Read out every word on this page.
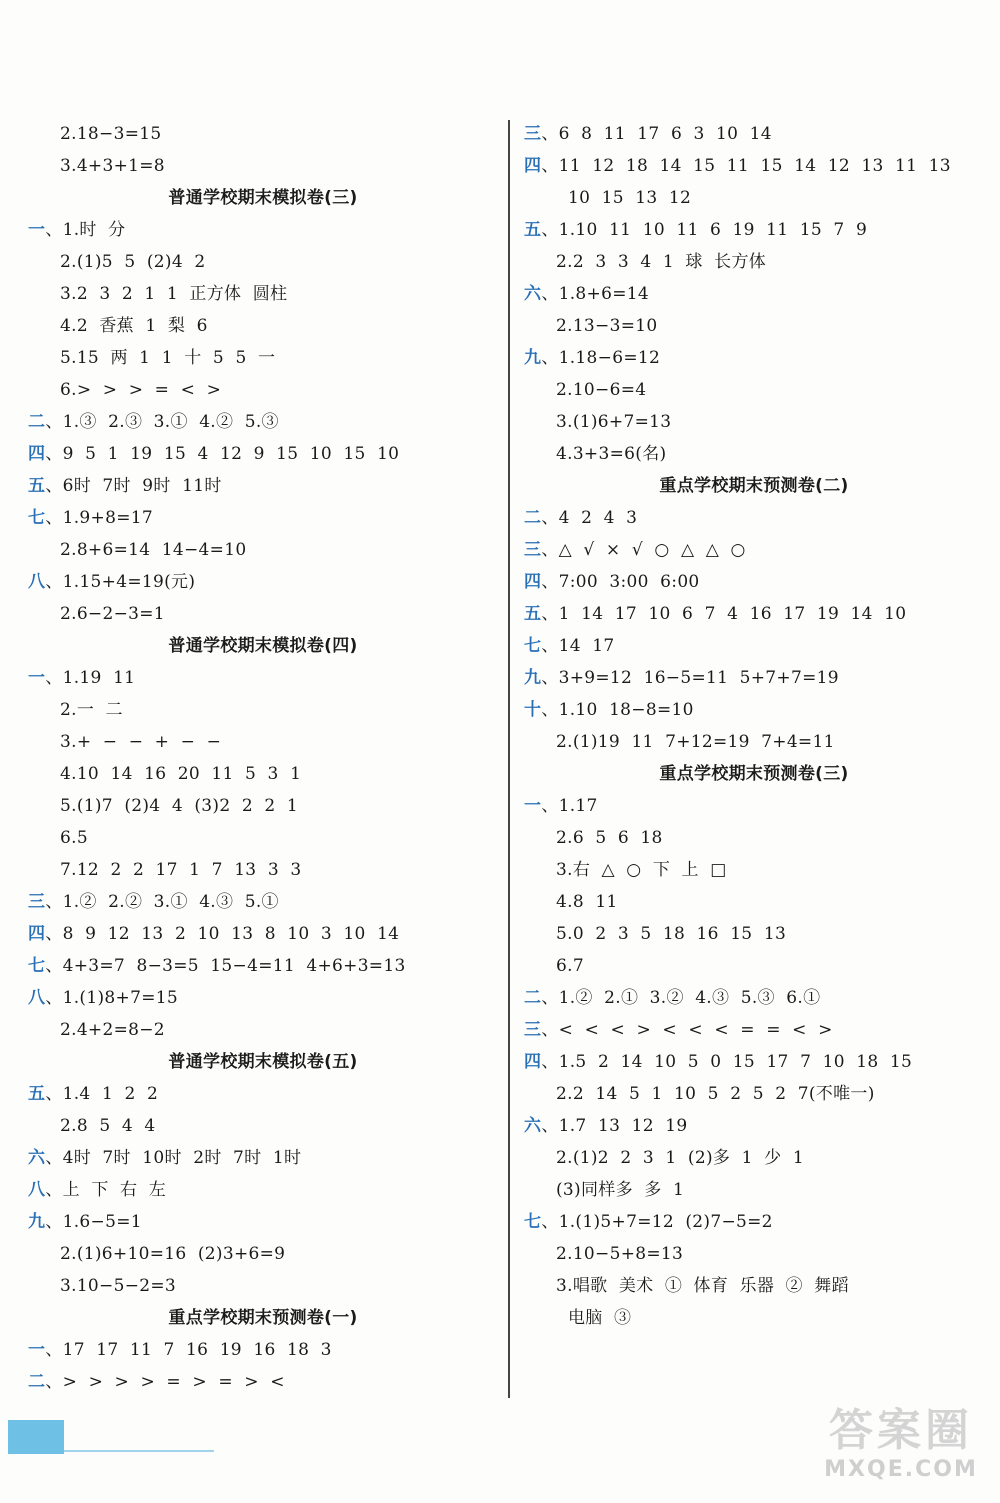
2.18−3=15
3.4+3+1=8
普通学校期末模拟卷(三)
一、1.时  分
2.(1)5  5  (2)4  2
3.2  3  2  1  1  正方体  圆柱
4.2  香蕉  1  梨  6
5.15  两  1  1  十  5  5  一
6.>  >  >  =  <  >
二、1.③  2.③  3.①  4.②  5.③
四、9  5  1  19  15  4  12  9  15  10  15  10
五、6时  7时  9时  11时
七、1.9+8=17
2.8+6=14  14−4=10
八、1.15+4=19(元)
2.6−2−3=1
普通学校期末模拟卷(四)
一、1.19  11
2.一  二
3.+  −  −  +  −  −
4.10  14  16  20  11  5  3  1
5.(1)7  (2)4  4  (3)2  2  2  1
6.5
7.12  2  2  17  1  7  13  3  3
三、1.②  2.②  3.①  4.③  5.①
四、8  9  12  13  2  10  13  8  10  3  10  14
七、4+3=7  8−3=5  15−4=11  4+6+3=13
八、1.(1)8+7=15
2.4+2=8−2
普通学校期末模拟卷(五)
五、1.4  1  2  2
2.8  5  4  4
六、4时  7时  10时  2时  7时  1时
八、上  下  右  左
九、1.6−5=1
2.(1)6+10=16  (2)3+6=9
3.10−5−2=3
重点学校期末预测卷(一)
一、17  17  11  7  16  19  16  18  3
二、>  >  >  >  =  >  =  >  <
三、6  8  11  17  6  3  10  14
四、11  12  18  14  15  11  15  14  12  13  11  13
10  15  13  12
五、1.10  11  10  11  6  19  11  15  7  9
2.2  3  3  4  1  球  长方体
六、1.8+6=14
2.13−3=10
九、1.18−6=12
2.10−6=4
3.(1)6+7=13
4.3+3=6(名)
重点学校期末预测卷(二)
二、4  2  4  3
三、△  √  ×  √  ○  △  △  ○
四、7:00  3:00  6:00
五、1  14  17  10  6  7  4  16  17  19  14  10
七、14  17
九、3+9=12  16−5=11  5+7+7=19
十、1.10  18−8=10
2.(1)19  11  7+12=19  7+4=11
重点学校期末预测卷(三)
一、1.17
2.6  5  6  18
3.右  △  ○  下  上  □
4.8  11
5.0  2  3  5  18  16  15  13
6.7
二、1.②  2.①  3.②  4.③  5.③  6.①
三、<  <  <  >  <  <  <  =  =  <  >
四、1.5  2  14  10  5  0  15  17  7  10  18  15
2.2  14  5  1  10  5  2  5  2  7(不唯一)
六、1.7  13  12  19
2.(1)2  2  3  1  (2)多  1  少  1
(3)同样多  多  1
七、1.(1)5+7=12  (2)7−5=2
2.10−5+8=13
3.唱歌  美术  ①  体育  乐器  ②  舞蹈
电脑  ③
答案圈
MXQE.COM
